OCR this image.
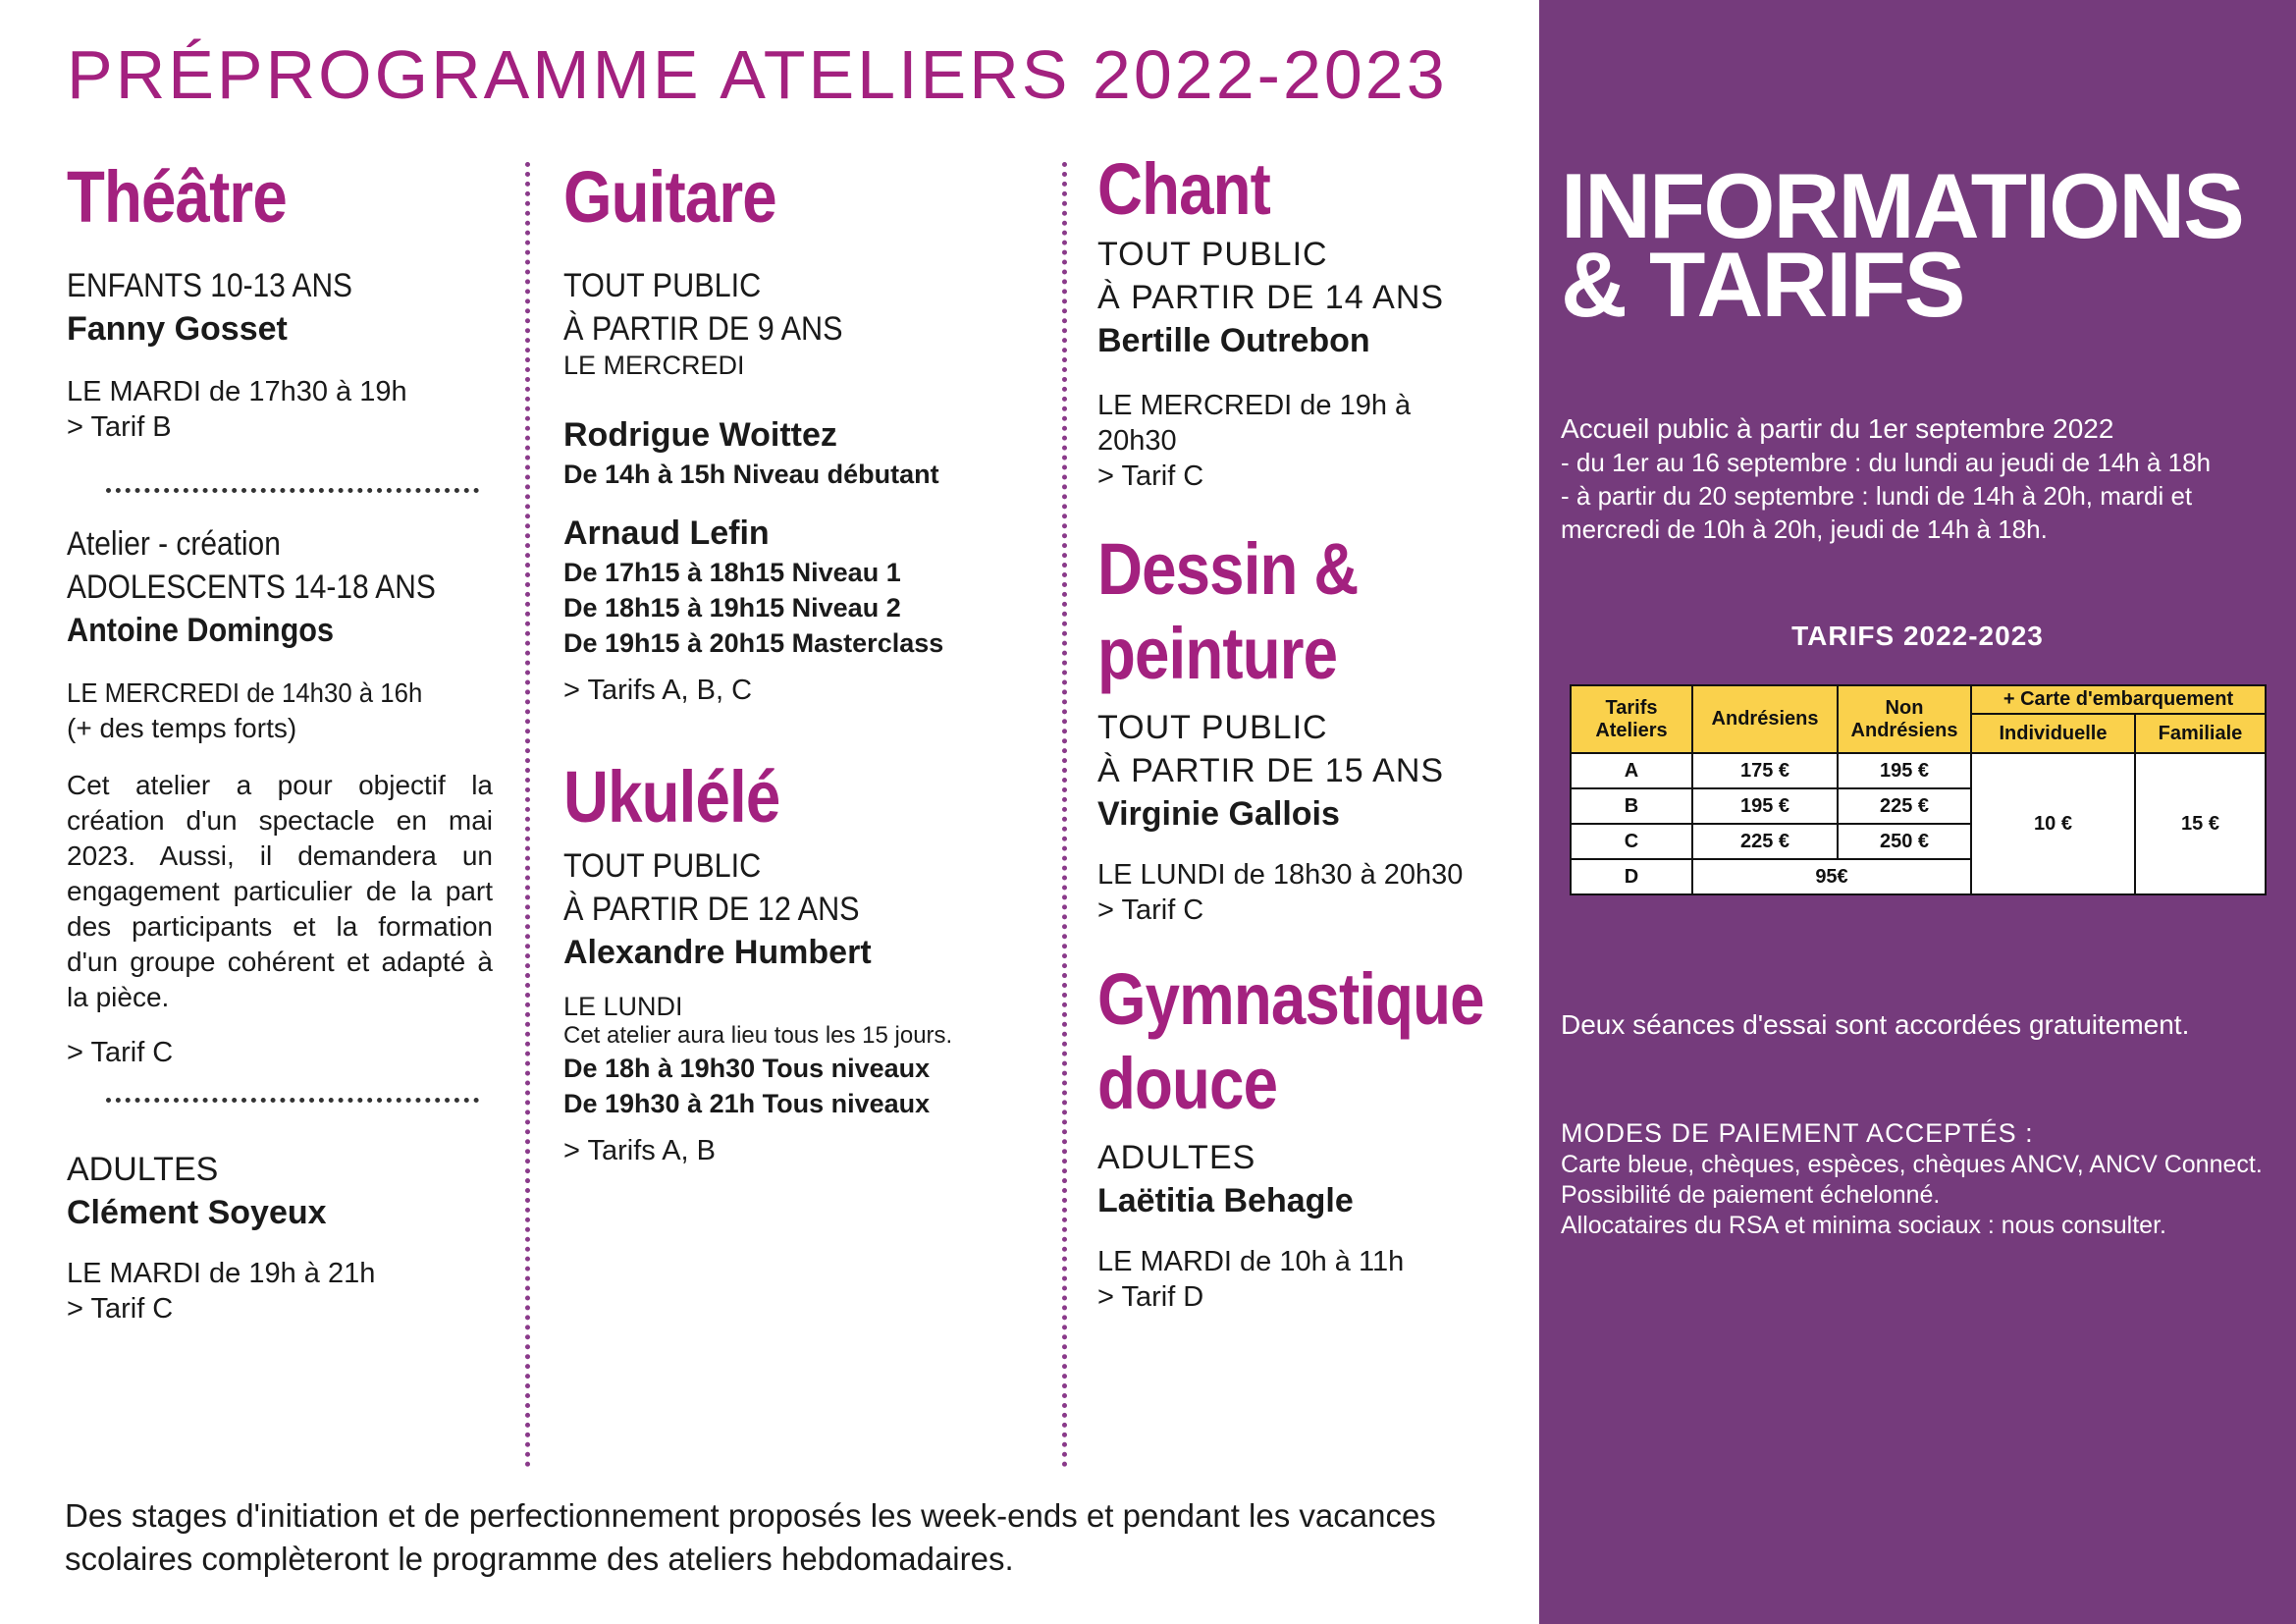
PRÉPROGRAMME ATELIERS 2022-2023
Théâtre
ENFANTS 10-13 ANS
Fanny Gosset
LE MARDI de 17h30 à 19h
> Tarif B
Atelier - création
ADOLESCENTS 14-18 ANS
Antoine Domingos
LE MERCREDI de 14h30 à 16h
(+ des temps forts)
Cet atelier a pour objectif la création d'un spectacle en mai 2023. Aussi, il demandera un engagement particulier de la part des participants et la formation d'un groupe cohérent et adapté à la pièce.
> Tarif C
ADULTES
Clément Soyeux
LE MARDI de 19h à 21h
> Tarif C
Guitare
TOUT PUBLIC
À PARTIR DE 9 ANS
LE MERCREDI
Rodrigue Woittez
De 14h à 15h Niveau débutant
Arnaud Lefin
De 17h15 à 18h15 Niveau 1
De 18h15 à 19h15 Niveau 2
De 19h15 à 20h15 Masterclass
> Tarifs A, B, C
Ukulélé
TOUT PUBLIC
À PARTIR DE 12 ANS
Alexandre Humbert
LE LUNDI
Cet atelier aura lieu tous les 15 jours.
De 18h à 19h30 Tous niveaux
De 19h30 à 21h Tous niveaux
> Tarifs A, B
Chant
TOUT PUBLIC
À PARTIR DE 14 ANS
Bertille Outrebon
LE MERCREDI de 19h à
20h30
> Tarif C
Dessin &
peinture
TOUT PUBLIC
À PARTIR DE 15 ANS
Virginie Gallois
LE LUNDI de 18h30 à 20h30
> Tarif C
Gymnastique
douce
ADULTES
Laëtitia Behagle
LE MARDI de 10h à 11h
> Tarif D

Des stages d'initiation et de perfectionnement proposés les week-ends et pendant les vacances scolaires complèteront le programme des ateliers hebdomadaires.

INFORMATIONS
& TARIFS
Accueil public à partir du 1er septembre 2022
- du 1er au 16 septembre : du lundi au jeudi de 14h à 18h
- à partir du 20 septembre : lundi de 14h à 20h, mardi et mercredi de 10h à 20h, jeudi de 14h à 18h.
TARIFS 2022-2023
Tarifs Ateliers	Andrésiens	Non Andrésiens	+ Carte d'embarquement	
			Individuelle	Familiale
A	175 €	195 €	10 €	15 €
B	195 €	225 €		
C	225 €	250 €		
D	95€			
Deux séances d'essai sont accordées gratuitement.
MODES DE PAIEMENT ACCEPTÉS :
Carte bleue, chèques, espèces, chèques ANCV, ANCV Connect.
Possibilité de paiement échelonné.
Allocataires du RSA et minima sociaux : nous consulter.
